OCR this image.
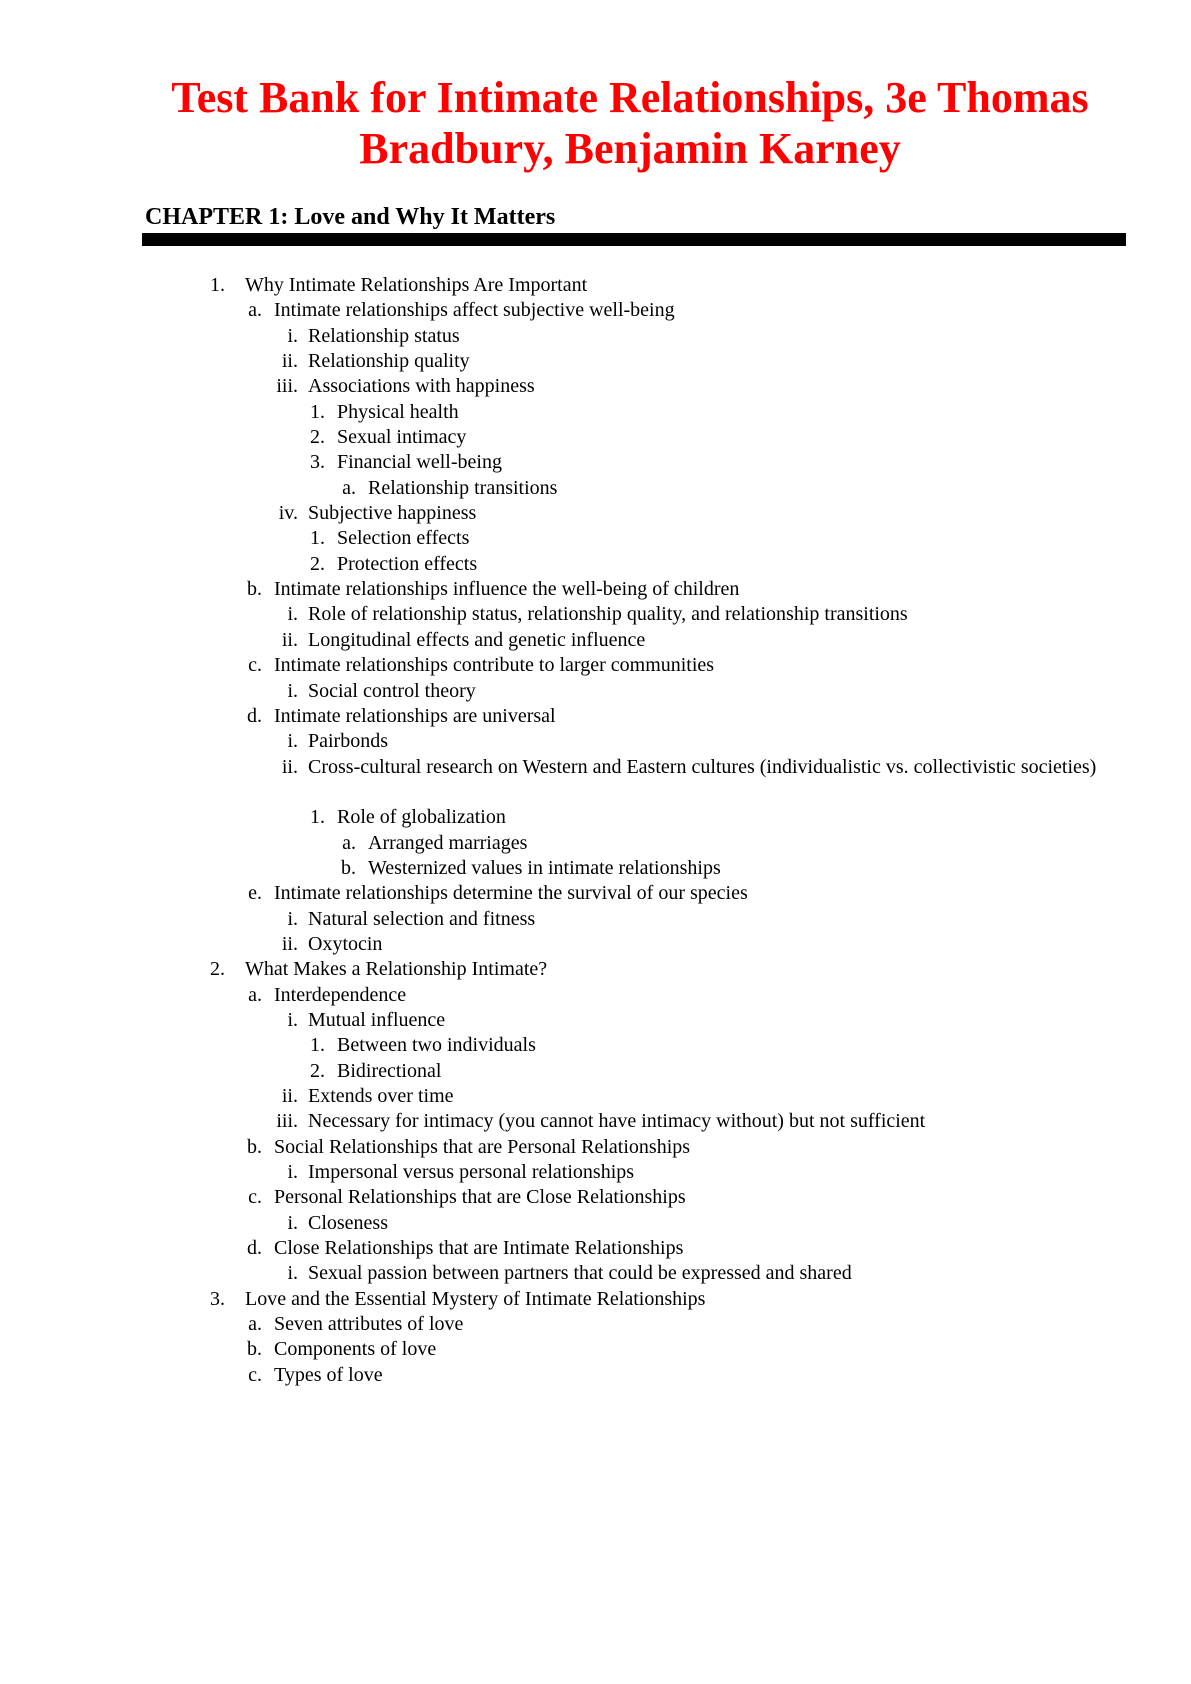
Test Bank for Intimate Relationships, 3e Thomas Bradbury, Benjamin Karney
CHAPTER 1: Love and Why It Matters
1. Why Intimate Relationships Are Important
a. Intimate relationships affect subjective well-being
i. Relationship status
ii. Relationship quality
iii. Associations with happiness
1. Physical health
2. Sexual intimacy
3. Financial well-being
a. Relationship transitions
iv. Subjective happiness
1. Selection effects
2. Protection effects
b. Intimate relationships influence the well-being of children
i. Role of relationship status, relationship quality, and relationship transitions
ii. Longitudinal effects and genetic influence
c. Intimate relationships contribute to larger communities
i. Social control theory
d. Intimate relationships are universal
i. Pairbonds
ii. Cross-cultural research on Western and Eastern cultures (individualistic vs. collectivistic societies)
1. Role of globalization
a. Arranged marriages
b. Westernized values in intimate relationships
e. Intimate relationships determine the survival of our species
i. Natural selection and fitness
ii. Oxytocin
2. What Makes a Relationship Intimate?
a. Interdependence
i. Mutual influence
1. Between two individuals
2. Bidirectional
ii. Extends over time
iii. Necessary for intimacy (you cannot have intimacy without) but not sufficient
b. Social Relationships that are Personal Relationships
i. Impersonal versus personal relationships
c. Personal Relationships that are Close Relationships
i. Closeness
d. Close Relationships that are Intimate Relationships
i. Sexual passion between partners that could be expressed and shared
3. Love and the Essential Mystery of Intimate Relationships
a. Seven attributes of love
b. Components of love
c. Types of love
